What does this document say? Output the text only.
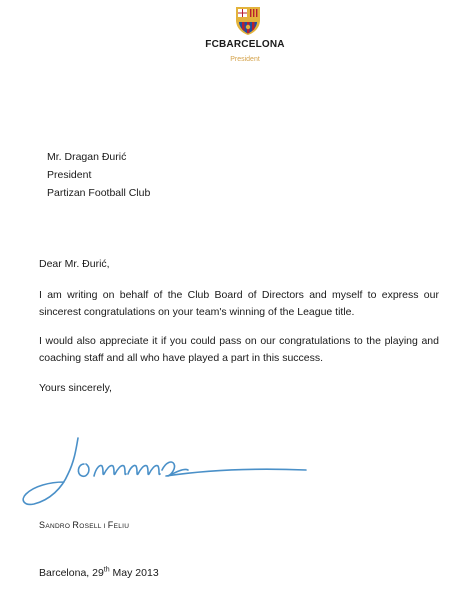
FCBARCELONA
President
Mr. Dragan Đurić
President
Partizan Football Club
Dear Mr. Đurić,
I am writing on behalf of the Club Board of Directors and myself to express our sincerest congratulations on your team's winning of the League title.
I would also appreciate it if you could pass on our congratulations to the playing and coaching staff and all who have played a part in this success.
Yours sincerely,
SANDRO ROSELL I FELIU
Barcelona, 29th May 2013
